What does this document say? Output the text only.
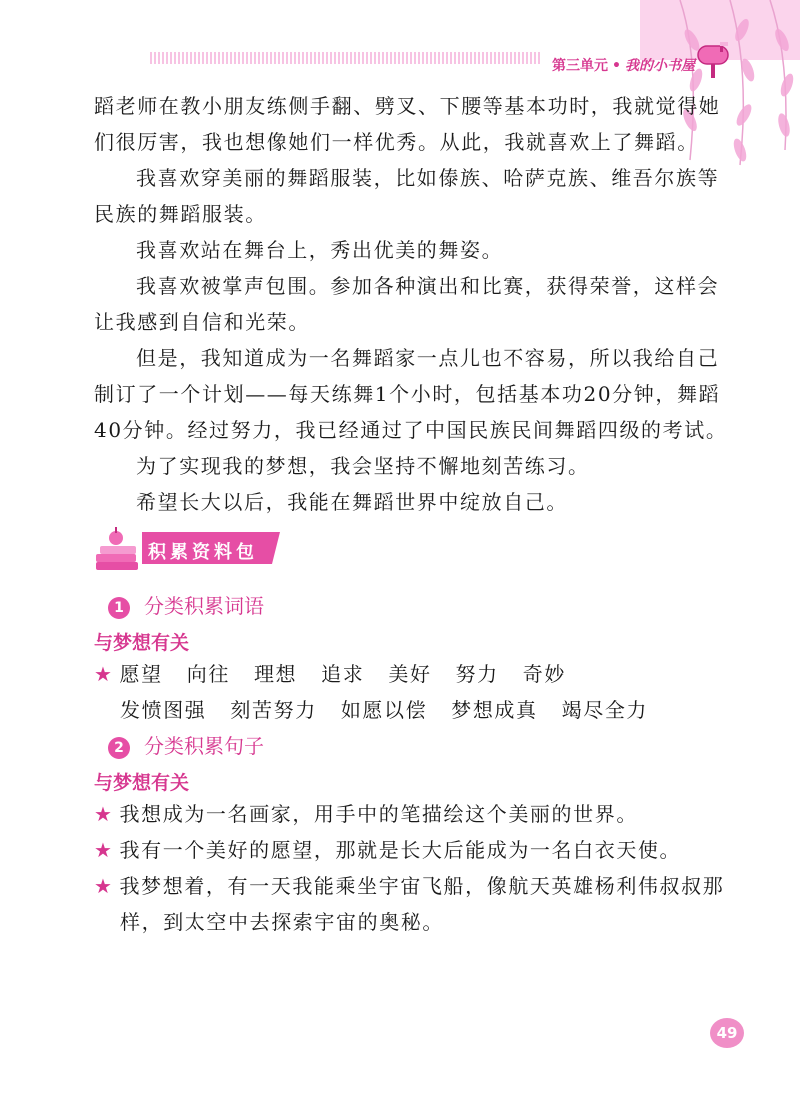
第三单元 • 我的小书屋
蹈老师在教小朋友练侧手翻、劈叉、下腰等基本功时，我就觉得她
们很厉害，我也想像她们一样优秀。从此，我就喜欢上了舞蹈。
我喜欢穿美丽的舞蹈服装，比如傣族、哈萨克族、维吾尔族等
民族的舞蹈服装。
我喜欢站在舞台上，秀出优美的舞姿。
我喜欢被掌声包围。参加各种演出和比赛，获得荣誉，这样会
让我感到自信和光荣。
但是，我知道成为一名舞蹈家一点儿也不容易，所以我给自己
制订了一个计划——每天练舞1个小时，包括基本功20分钟，舞蹈
40分钟。经过努力，我已经通过了中国民族民间舞蹈四级的考试。
为了实现我的梦想，我会坚持不懈地刻苦练习。
希望长大以后，我能在舞蹈世界中绽放自己。
积累资料包
1 分类积累词语
与梦想有关
★ 愿望 向往 理想 追求 美好 努力 奇妙
发愤图强 刻苦努力 如愿以偿 梦想成真 竭尽全力
2 分类积累句子
与梦想有关
★ 我想成为一名画家，用手中的笔描绘这个美丽的世界。
★ 我有一个美好的愿望，那就是长大后能成为一名白衣天使。
★ 我梦想着，有一天我能乘坐宇宙飞船，像航天英雄杨利伟叔叔那
样，到太空中去探索宇宙的奥秘。
49
